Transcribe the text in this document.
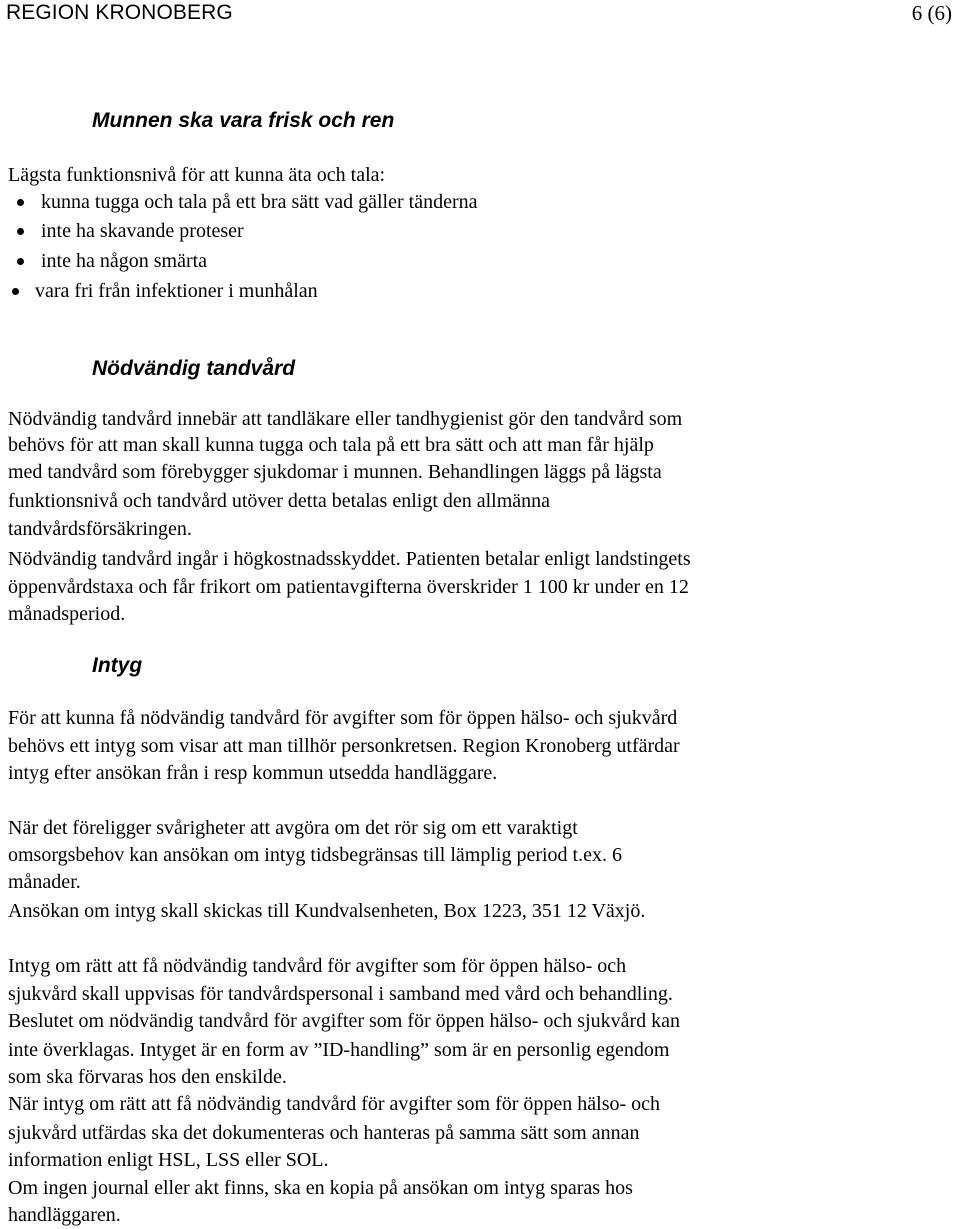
REGION KRONOBERG	6 (6)
Munnen ska vara frisk och ren
Lägsta funktionsnivå för att kunna äta och tala:
kunna tugga och tala på ett bra sätt vad gäller tänderna
inte ha skavande proteser
inte ha någon smärta
vara fri från infektioner i munhålan
Nödvändig tandvård
Nödvändig tandvård innebär att tandläkare eller tandhygienist gör den tandvård som
behövs för att man skall kunna tugga och tala på ett bra sätt och att man får hjälp
med tandvård som förebygger sjukdomar i munnen. Behandlingen läggs på lägsta
funktionsnivå och tandvård utöver detta betalas enligt den allmänna
tandvårdsförsäkringen.
Nödvändig tandvård ingår i högkostnadsskyddet. Patienten betalar enligt landstingets
öppenvårdstaxa och får frikort om patientavgifterna överskrider 1 100 kr under en 12
månadsperiod.
Intyg
För att kunna få nödvändig tandvård för avgifter som för öppen hälso- och sjukvård
behövs ett intyg som visar att man tillhör personkretsen. Region Kronoberg utfärdar
intyg efter ansökan från i resp kommun utsedda handläggare.
När det föreligger svårigheter att avgöra om det rör sig om ett varaktigt
omsorgsbehov kan ansökan om intyg tidsbegränsas till lämplig period t.ex. 6
månader.
Ansökan om intyg skall skickas till Kundvalsenheten, Box 1223, 351 12 Växjö.
Intyg om rätt att få nödvändig tandvård för avgifter som för öppen hälso- och
sjukvård skall uppvisas för tandvårdspersonal i samband med vård och behandling.
Beslutet om nödvändig tandvård för avgifter som för öppen hälso- och sjukvård kan
inte överklagas. Intyget är en form av ”ID-handling” som är en personlig egendom
som ska förvaras hos den enskilde.
När intyg om rätt att få nödvändig tandvård för avgifter som för öppen hälso- och
sjukvård utfärdas ska det dokumenteras och hanteras på samma sätt som annan
information enligt HSL, LSS eller SOL.
Om ingen journal eller akt finns, ska en kopia på ansökan om intyg sparas hos
handläggaren.
